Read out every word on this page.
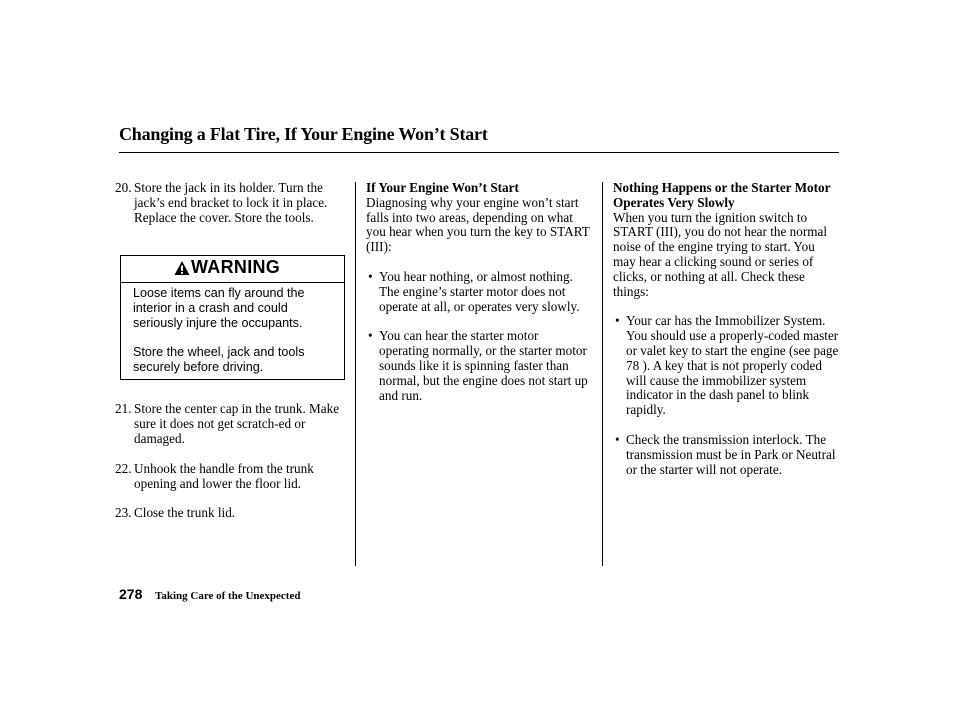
Changing a Flat Tire, If Your Engine Won’t Start
20. Store the jack in its holder. Turn the jack’s end bracket to lock it in place. Replace the cover. Store the tools.
21. Store the center cap in the trunk. Make sure it does not get scratch-ed or damaged.
22. Unhook the handle from the trunk opening and lower the floor lid.
23. Close the trunk lid.
WARNING

Loose items can fly around the interior in a crash and could seriously injure the occupants.

Store the wheel, jack and tools securely before driving.

If Your Engine Won’t Start

Diagnosing why your engine won’t start falls into two areas, depending on what you hear when you turn the key to START (III):

• You hear nothing, or almost nothing. The engine’s starter motor does not operate at all, or operates very slowly.
• You can hear the starter motor operating normally, or the starter motor sounds like it is spinning faster than normal, but the engine does not start up and run.

Nothing Happens or the Starter Motor Operates Very Slowly

When you turn the ignition switch to START (III), you do not hear the normal noise of the engine trying to start. You may hear a clicking sound or series of clicks, or nothing at all. Check these things:

• Your car has the Immobilizer System. You should use a properly-coded master or valet key to start the engine (see page 78 ). A key that is not properly coded will cause the immobilizer system indicator in the dash panel to blink rapidly.
• Check the transmission interlock. The transmission must be in Park or Neutral or the starter will not operate.
278 Taking Care of the Unexpected
